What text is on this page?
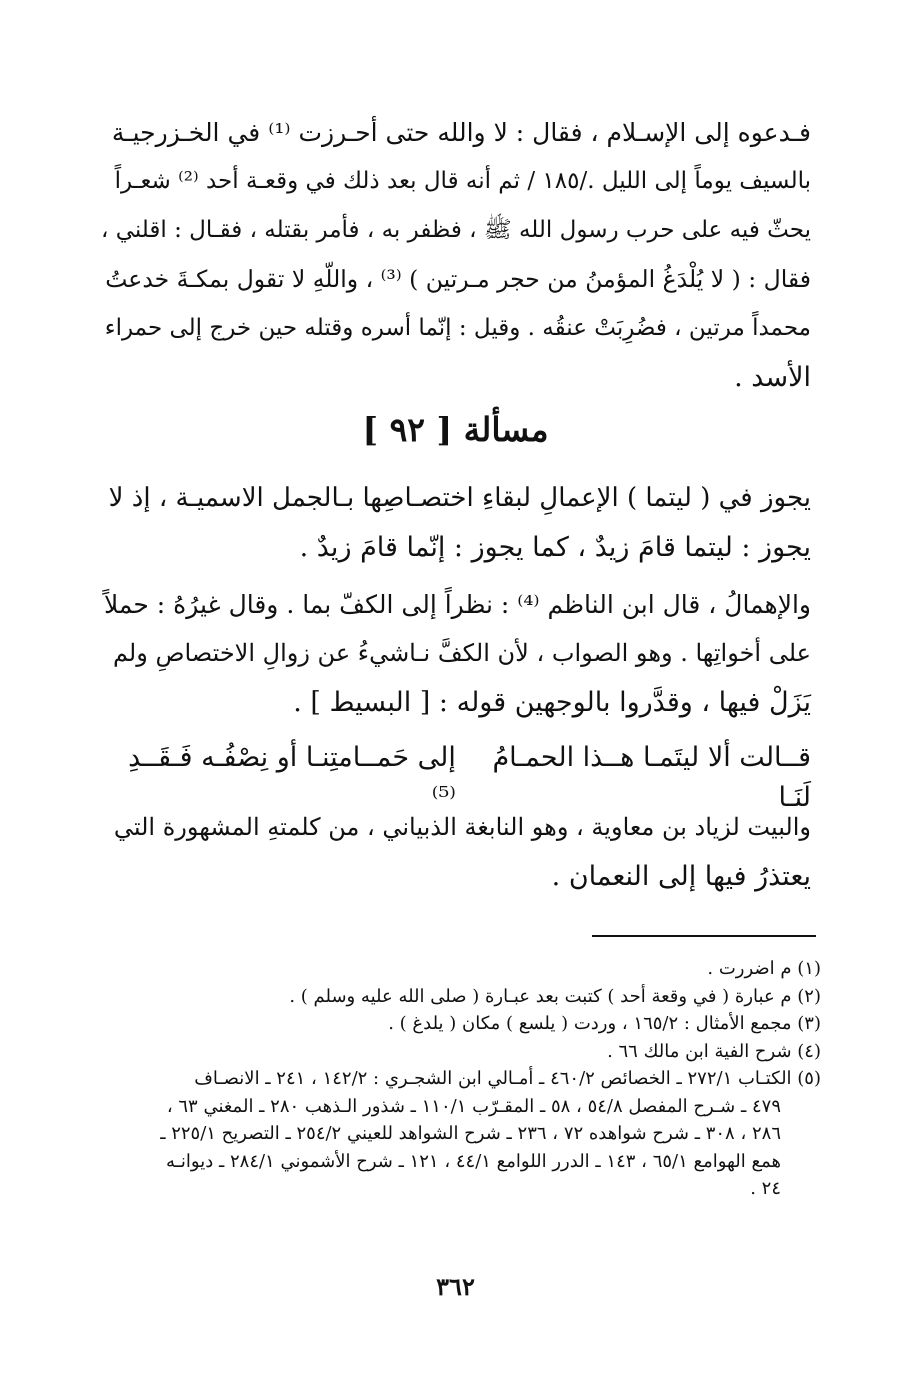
فـدعوه إلى الإسـلام ، فقال : لا والله حتى أحـرزت ⁽¹⁾ في الخـزرجيـة
بالسيف يوماً إلى الليل ./١٨٥ / ثم أنه قال بعد ذلك في وقعـة أحد ⁽²⁾ شعـراً
يحثّ فيه على حرب رسول الله ﷺ ، فظفر به ، فأمر بقتله ، فقـال : اقلني ،
فقال : ( لا يُلْدَغُ المؤمنُ من حجر مـرتين ) ⁽³⁾ ، واللّهِ لا تقول بمكـةَ خدعتُ
محمداً مرتين ، فضُرِبَتْ عنقُه . وقيل : إنّما أسره وقتله حين خرج إلى حمراء
الأسد .

مسألة [ ٩٢ ]

يجوز في ( ليتما ) الإعمالِ لبقاءِ اختصـاصِها بـالجمل الاسميـة ، إذ لا
يجوز : ليتما قامَ زيدٌ ، كما يجوز : إنّما قامَ زيدٌ .

والإهمالُ ، قال ابن الناظم ⁽⁴⁾ : نظراً إلى الكفّ بما . وقال غيرُهُ : حملاً
على أخواتِها . وهو الصواب ، لأن الكفَّ نـاشيءُ عن زوالِ الاختصاصِ ولم
يَزَلْ فيها ، وقدَّروا بالوجهين قوله : [ البسيط ] .

قــالت ألا ليتَمـا هــذا الحمـامُ لَنَـا
إلى حَمــامتِنـا أو نِصْفُـه فَـقَــدِ ⁽⁵⁾

والبيت لزياد بن معاوية ، وهو النابغة الذبياني ، من كلمتهِ المشهورة التي
يعتذرُ فيها إلى النعمان .

(١) م اضررت .
(٢) م عبارة ( في وقعة أحد ) كتبت بعد عبـارة ( صلى الله عليه وسلم ) .
(٣) مجمع الأمثال : ١٦٥/٢ ، وردت ( يلسع ) مكان ( يلدغ ) .
(٤) شرح الفية ابن مالك ٦٦ .
(٥) الكتـاب ٢٧٢/١ ـ الخصائص ٤٦٠/٢ ـ أمـالي ابن الشجـري : ١٤٢/٢ ، ٢٤١ ـ الانصـاف
٤٧٩ ـ شـرح المفصل ٥٤/٨ ، ٥٨ ـ المقـرّب ١١٠/١ ـ شذور الـذهب ٢٨٠ ـ المغني ٦٣ ،
٢٨٦ ، ٣٠٨ ـ شرح شواهده ٧٢ ، ٢٣٦ ـ شرح الشواهد للعيني ٢٥٤/٢ ـ التصريح ٢٢٥/١ ـ
همع الهوامع ٦٥/١ ، ١٤٣ ـ الدرر اللوامع ٤٤/١ ، ١٢١ ـ شرح الأشموني ٢٨٤/١ ـ ديوانـه
٢٤ .
٣٦٢
